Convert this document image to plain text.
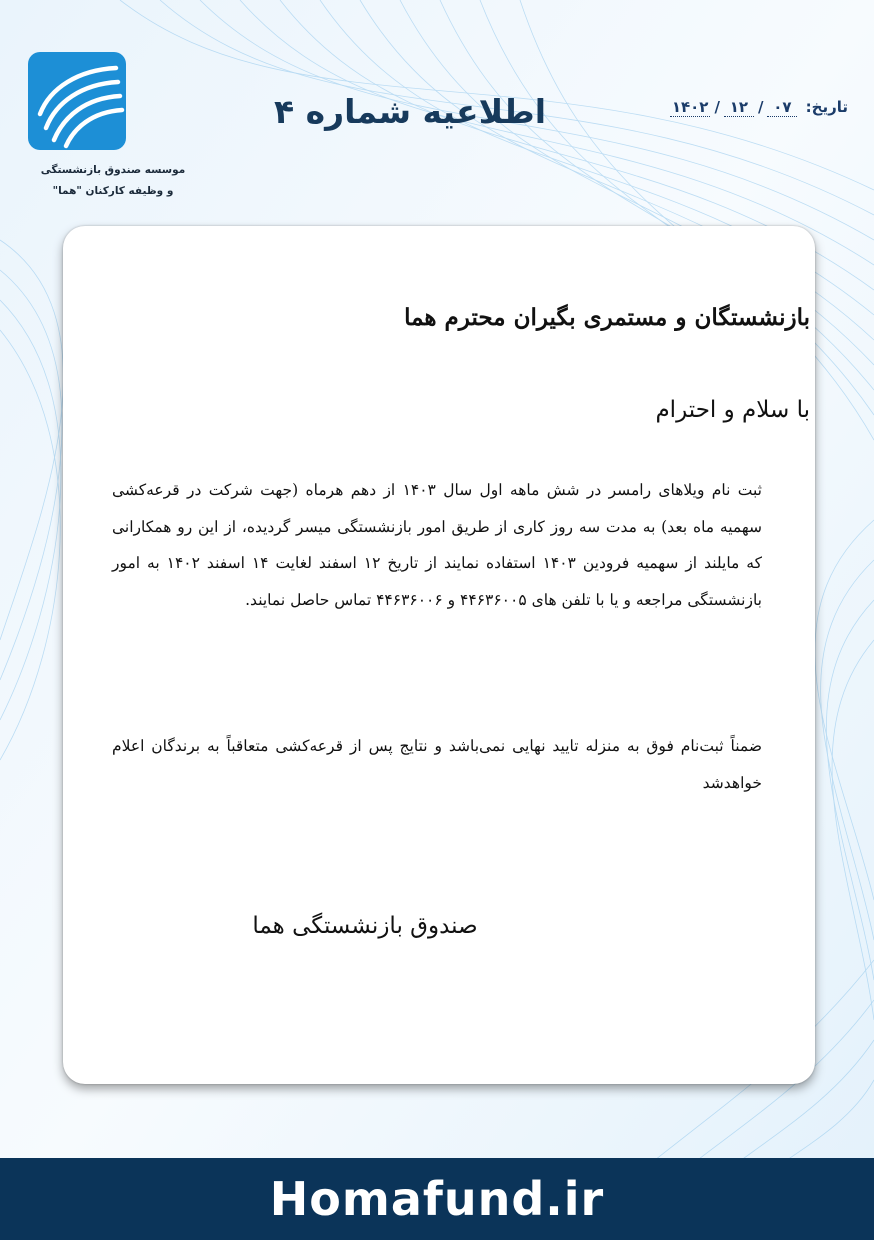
موسسه صندوق بازنشستگی
و وظیفه کارکنان "هما"
اطلاعیه شماره ۴	تاریخ: ۰۷/۱۲/۱۴۰۲
بازنشستگان و مستمری بگیران محترم هما
با سلام و احترام
ثبت نام ویلاهای رامسر در شش ماهه اول سال ۱۴۰۳ از دهم هرماه (جهت شرکت در قرعه‌کشی سهمیه ماه بعد) به مدت سه روز کاری از طریق امور بازنشستگی میسر گردیده، از این رو همکارانی که مایلند از سهمیه فرودین ۱۴۰۳ استفاده نمایند از تاریخ ۱۲ اسفند لغایت ۱۴ اسفند ۱۴۰۲ به امور بازنشستگی مراجعه و یا با تلفن های ۴۴۶۳۶۰۰۵ و ۴۴۶۳۶۰۰۶ تماس حاصل نمایند.
ضمناً ثبت‌نام فوق به منزله تایید نهایی نمی‌باشد و نتایج پس از قرعه‌کشی متعاقباً به برندگان اعلام خواهدشد
صندوق بازنشستگی هما
Homafund.ir
